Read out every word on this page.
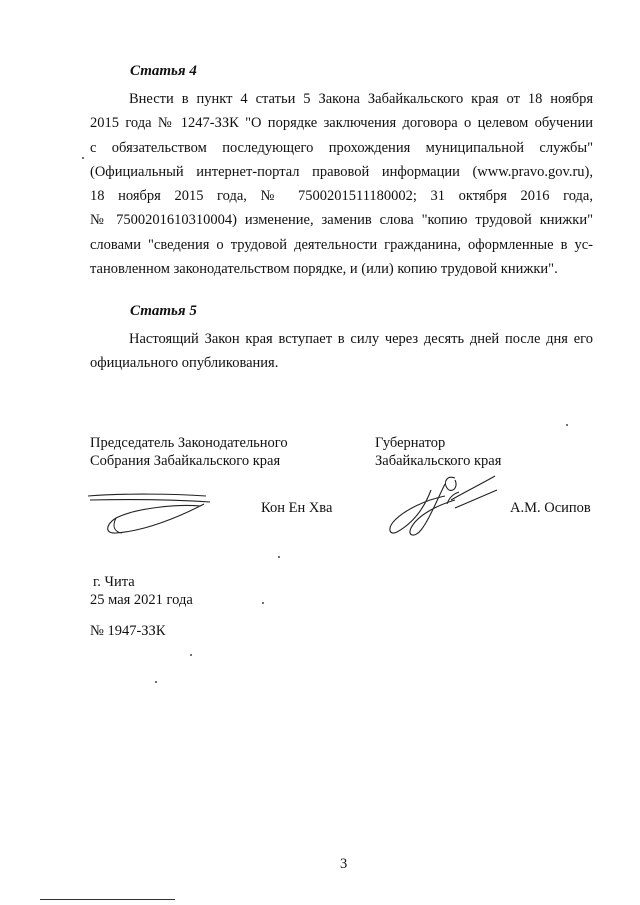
Статья 4
Внести в пункт 4 статьи 5 Закона Забайкальского края от 18 ноября
2015 года № 1247-ЗЗК "О порядке заключения договора о целевом обучении
с обязательством последующего прохождения муниципальной службы"
(Официальный интернет-портал правовой информации (www.pravo.gov.ru),
18 ноября 2015 года, № 7500201511180002; 31 октября 2016 года,
№ 7500201610310004) изменение, заменив слова "копию трудовой книжки"
словами "сведения о трудовой деятельности гражданина, оформленные в ус-
тановленном законодательством порядке, и (или) копию трудовой книжки".
Статья 5
Настоящий Закон края вступает в силу через десять дней после дня его
официального опубликования.
Председатель Законодательного
Собрания Забайкальского края
Кон Ен Хва
Губернатор
Забайкальского края
А.М. Осипов
г. Чита
25 мая 2021 года
№ 1947-ЗЗК
3
